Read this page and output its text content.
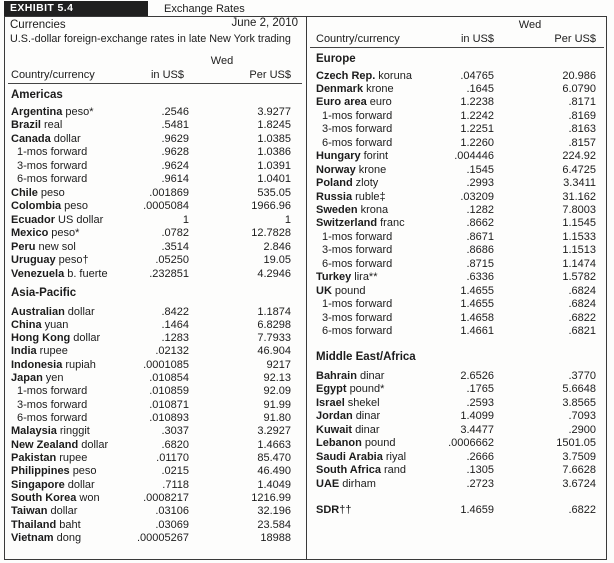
EXHIBIT 5.4	Exchange Rates
Currencies	June 2, 2010
U.S.-dollar foreign-exchange rates in late New York trading
Wed
Country/currency	in US$	Per US$
Wed
Country/currency	in US$	Per US$
Americas
Argentina peso*	.2546	3.9277
Brazil real	.5481	1.8245
Canada dollar	.9629	1.0385
1-mos forward	.9628	1.0386
3-mos forward	.9624	1.0391
6-mos forward	.9614	1.0401
Chile peso	.001869	535.05
Colombia peso	.0005084	1966.96
Ecuador US dollar	1	1
Mexico peso*	.0782	12.7828
Peru new sol	.3514	2.846
Uruguay peso†	.05250	19.05
Venezuela b. fuerte	.232851	4.2946
Asia-Pacific
Australian dollar	.8422	1.1874
China yuan	.1464	6.8298
Hong Kong dollar	.1283	7.7933
India rupee	.02132	46.904
Indonesia rupiah	.0001085	9217
Japan yen	.010854	92.13
1-mos forward	.010859	92.09
3-mos forward	.010871	91.99
6-mos forward	.010893	91.80
Malaysia ringgit	.3037	3.2927
New Zealand dollar	.6820	1.4663
Pakistan rupee	.01170	85.470
Philippines peso	.0215	46.490
Singapore dollar	.7118	1.4049
South Korea won	.0008217	1216.99
Taiwan dollar	.03106	32.196
Thailand baht	.03069	23.584
Vietnam dong	.00005267	18988
Europe
Czech Rep. koruna	.04765	20.986
Denmark krone	.1645	6.0790
Euro area euro	1.2238	.8171
1-mos forward	1.2242	.8169
3-mos forward	1.2251	.8163
6-mos forward	1.2260	.8157
Hungary forint	.004446	224.92
Norway krone	.1545	6.4725
Poland zloty	.2993	3.3411
Russia ruble‡	.03209	31.162
Sweden krona	.1282	7.8003
Switzerland franc	.8662	1.1545
1-mos forward	.8671	1.1533
3-mos forward	.8686	1.1513
6-mos forward	.8715	1.1474
Turkey lira**	.6336	1.5782
UK pound	1.4655	.6824
1-mos forward	1.4655	.6824
3-mos forward	1.4658	.6822
6-mos forward	1.4661	.6821
Middle East/Africa
Bahrain dinar	2.6526	.3770
Egypt pound*	.1765	5.6648
Israel shekel	.2593	3.8565
Jordan dinar	1.4099	.7093
Kuwait dinar	3.4477	.2900
Lebanon pound	.0006662	1501.05
Saudi Arabia riyal	.2666	3.7509
South Africa rand	.1305	7.6628
UAE dirham	.2723	3.6724
SDR††	1.4659	.6822
